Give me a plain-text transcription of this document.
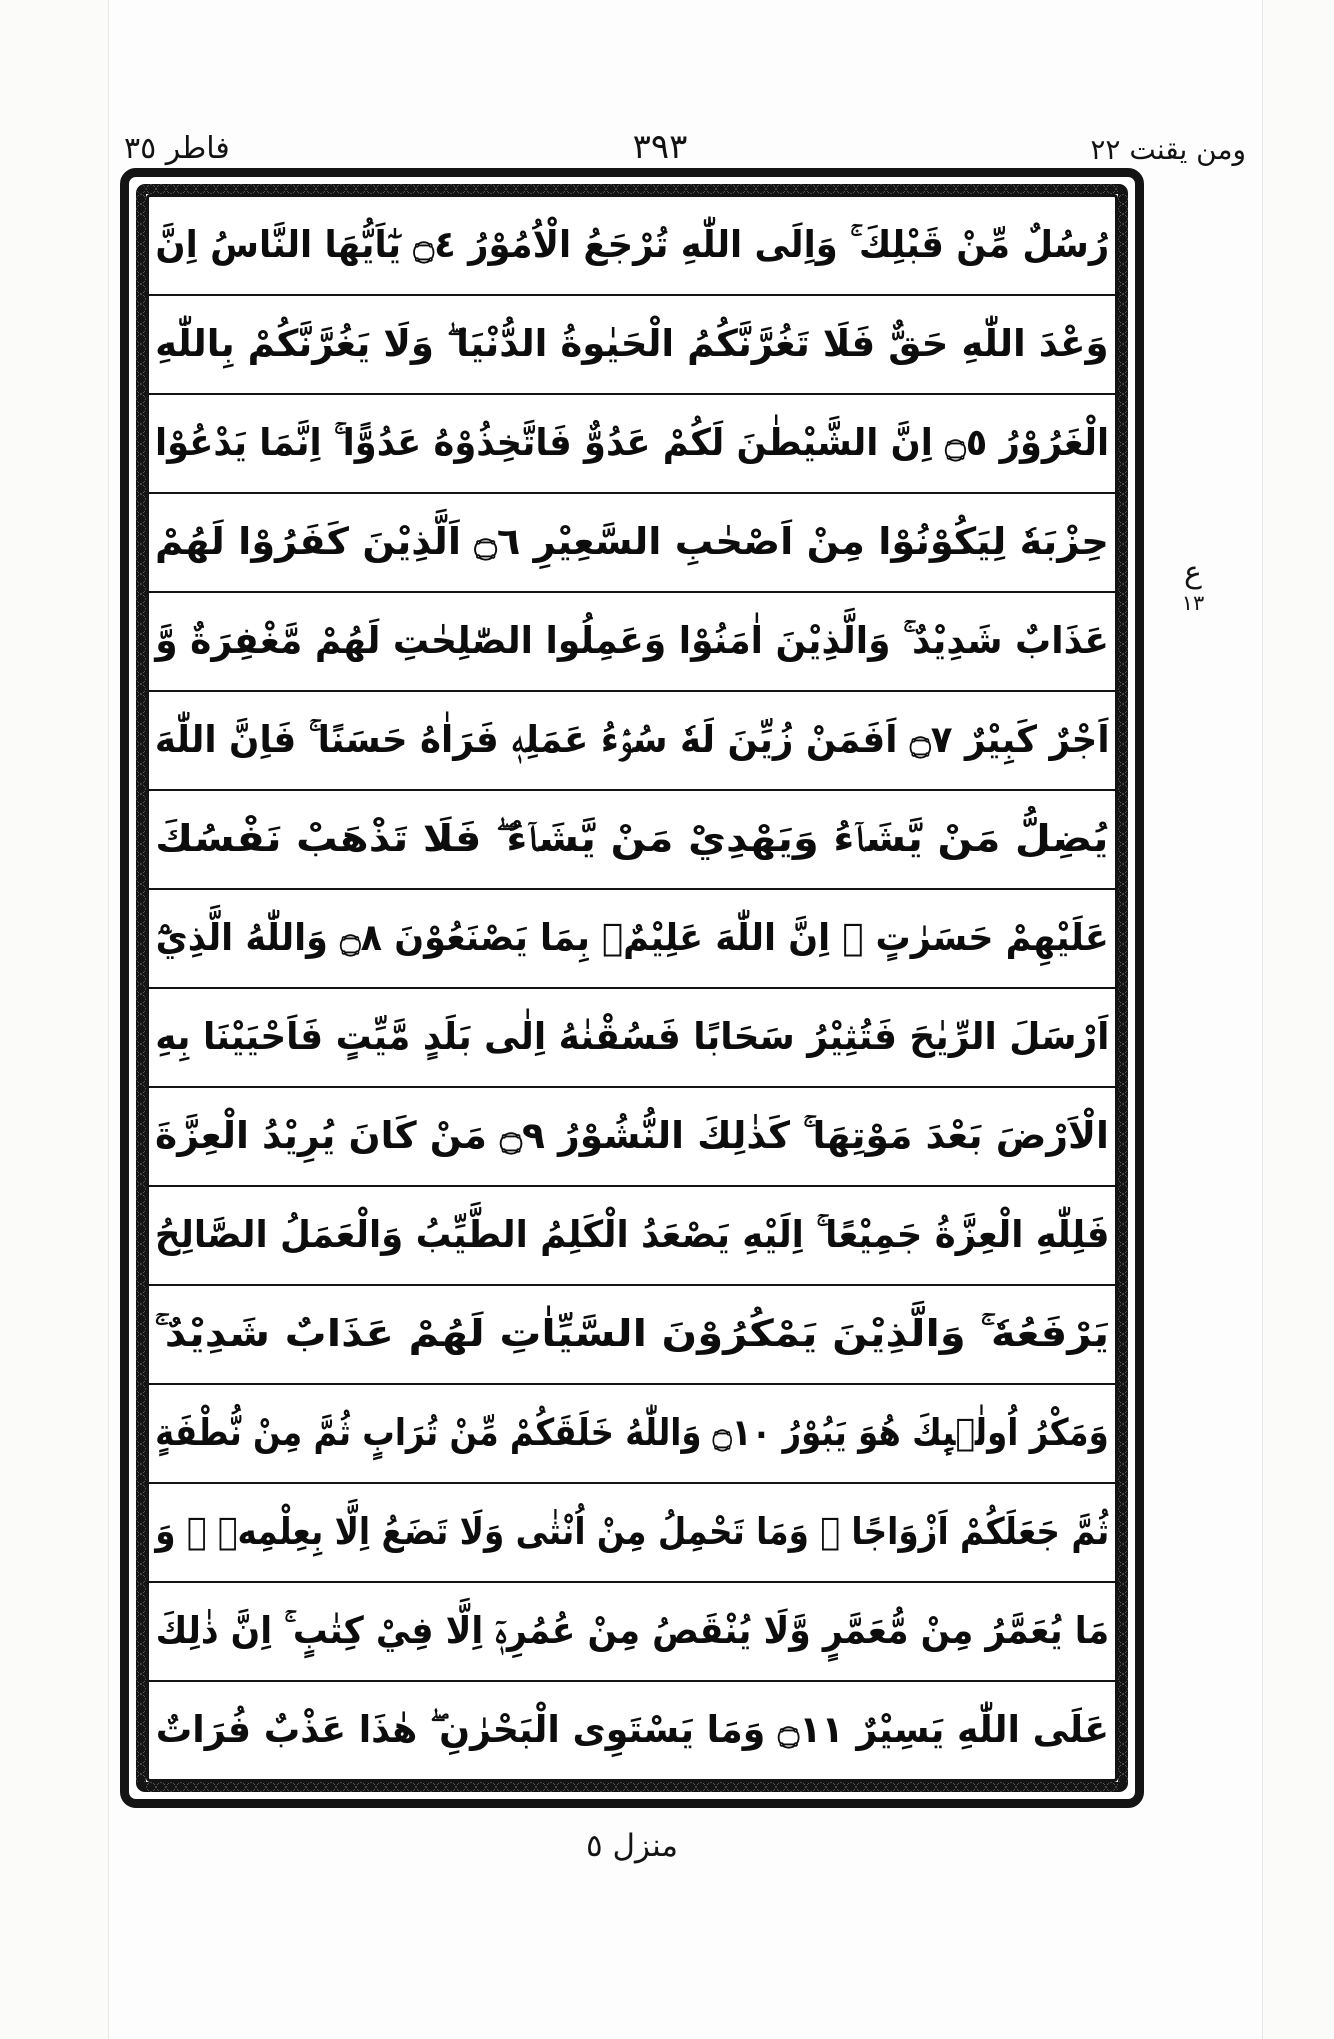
فاطر ٣٥	٣٩٣	ومن يقنت ٢٢
رُسُلٌ مِّنْ قَبْلِكَ ۚ وَاِلَى اللّٰهِ تُرْجَعُ الْاُمُوْرُ ۝٤ يٰٓاَيُّهَا النَّاسُ اِنَّ
وَعْدَ اللّٰهِ حَقٌّ فَلَا تَغُرَّنَّكُمُ الْحَيٰوةُ الدُّنْيَا ۖ وَلَا يَغُرَّنَّكُمْ بِاللّٰهِ
الْغَرُوْرُ ۝٥ اِنَّ الشَّيْطٰنَ لَكُمْ عَدُوٌّ فَاتَّخِذُوْهُ عَدُوًّا ۚ اِنَّمَا يَدْعُوْا
حِزْبَهٗ لِيَكُوْنُوْا مِنْ اَصْحٰبِ السَّعِيْرِ ۝٦ اَلَّذِيْنَ كَفَرُوْا لَهُمْ
عَذَابٌ شَدِيْدٌ ۚ وَالَّذِيْنَ اٰمَنُوْا وَعَمِلُوا الصّٰلِحٰتِ لَهُمْ مَّغْفِرَةٌ وَّ
اَجْرٌ كَبِيْرٌ ۝٧ اَفَمَنْ زُيِّنَ لَهٗ سُوْۤءُ عَمَلِهٖ فَرَاٰهُ حَسَنًا ۚ فَاِنَّ اللّٰهَ
يُضِلُّ مَنْ يَّشَاۤءُ وَيَهْدِيْ مَنْ يَّشَاۤءُ ۖ فَلَا تَذْهَبْ نَفْسُكَ
عَلَيْهِمْ حَسَرٰتٍ ۚ اِنَّ اللّٰهَ عَلِيْمٌۢ بِمَا يَصْنَعُوْنَ ۝٨ وَاللّٰهُ الَّذِيْٓ
اَرْسَلَ الرِّيٰحَ فَتُثِيْرُ سَحَابًا فَسُقْنٰهُ اِلٰى بَلَدٍ مَّيِّتٍ فَاَحْيَيْنَا بِهِ
الْاَرْضَ بَعْدَ مَوْتِهَا ۚ كَذٰلِكَ النُّشُوْرُ ۝٩ مَنْ كَانَ يُرِيْدُ الْعِزَّةَ
فَلِلّٰهِ الْعِزَّةُ جَمِيْعًا ۚ اِلَيْهِ يَصْعَدُ الْكَلِمُ الطَّيِّبُ وَالْعَمَلُ الصَّالِحُ
يَرْفَعُهٗ ۚ وَالَّذِيْنَ يَمْكُرُوْنَ السَّيِّاٰتِ لَهُمْ عَذَابٌ شَدِيْدٌ ۚ
وَمَكْرُ اُولٰۤىِٕكَ هُوَ يَبُوْرُ ۝١٠ وَاللّٰهُ خَلَقَكُمْ مِّنْ تُرَابٍ ثُمَّ مِنْ نُّطْفَةٍ
ثُمَّ جَعَلَكُمْ اَزْوَاجًا ۚ وَمَا تَحْمِلُ مِنْ اُنْثٰى وَلَا تَضَعُ اِلَّا بِعِلْمِهٖ ۚ وَ
مَا يُعَمَّرُ مِنْ مُّعَمَّرٍ وَّلَا يُنْقَصُ مِنْ عُمُرِهٖٓ اِلَّا فِيْ كِتٰبٍ ۚ اِنَّ ذٰلِكَ
عَلَى اللّٰهِ يَسِيْرٌ ۝١١ وَمَا يَسْتَوِى الْبَحْرٰنِ ۖ هٰذَا عَذْبٌ فُرَاتٌ
ع
١٣
منزل ٥
